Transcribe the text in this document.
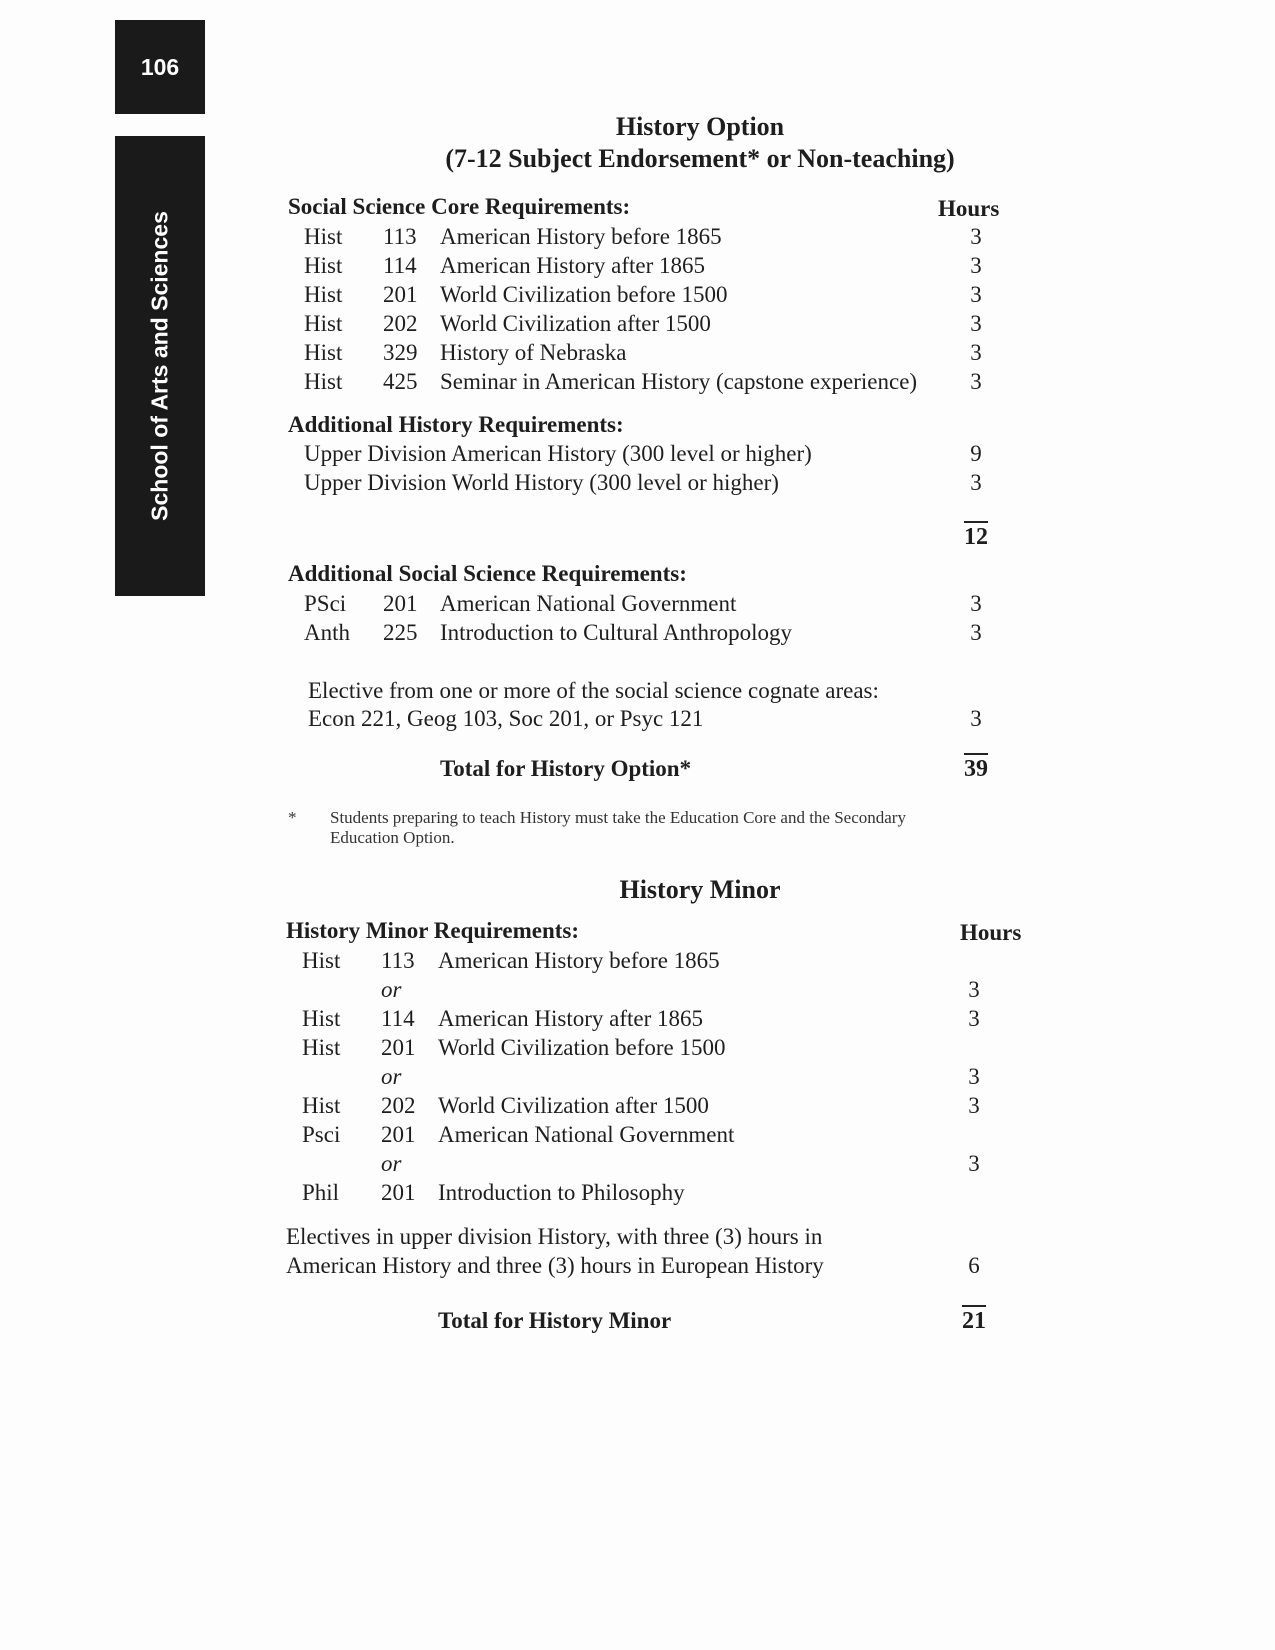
106
School of Arts and Sciences
History Option
(7-12 Subject Endorsement* or Non-teaching)
Social Science Core Requirements:	Hours
Hist 113 American History before 1865	3
Hist 114 American History after 1865	3
Hist 201 World Civilization before 1500	3
Hist 202 World Civilization after 1500	3
Hist 329 History of Nebraska	3
Hist 425 Seminar in American History (capstone experience)	3
Additional History Requirements:
Upper Division American History (300 level or higher)	9
Upper Division World History (300 level or higher)	3
12
Additional Social Science Requirements:
PSci 201 American National Government	3
Anth 225 Introduction to Cultural Anthropology	3
Elective from one or more of the social science cognate areas:
Econ 221, Geog 103, Soc 201, or Psyc 121	3
Total for History Option*	39
* Students preparing to teach History must take the Education Core and the Secondary
Education Option.
History Minor
History Minor Requirements:	Hours
Hist 113 American History before 1865
or	3
Hist 114 American History after 1865	3
Hist 201 World Civilization before 1500
or	3
Hist 202 World Civilization after 1500	3
Psci 201 American National Government
or	3
Phil 201 Introduction to Philosophy
Electives in upper division History, with three (3) hours in
American History and three (3) hours in European History	6
Total for History Minor	21
